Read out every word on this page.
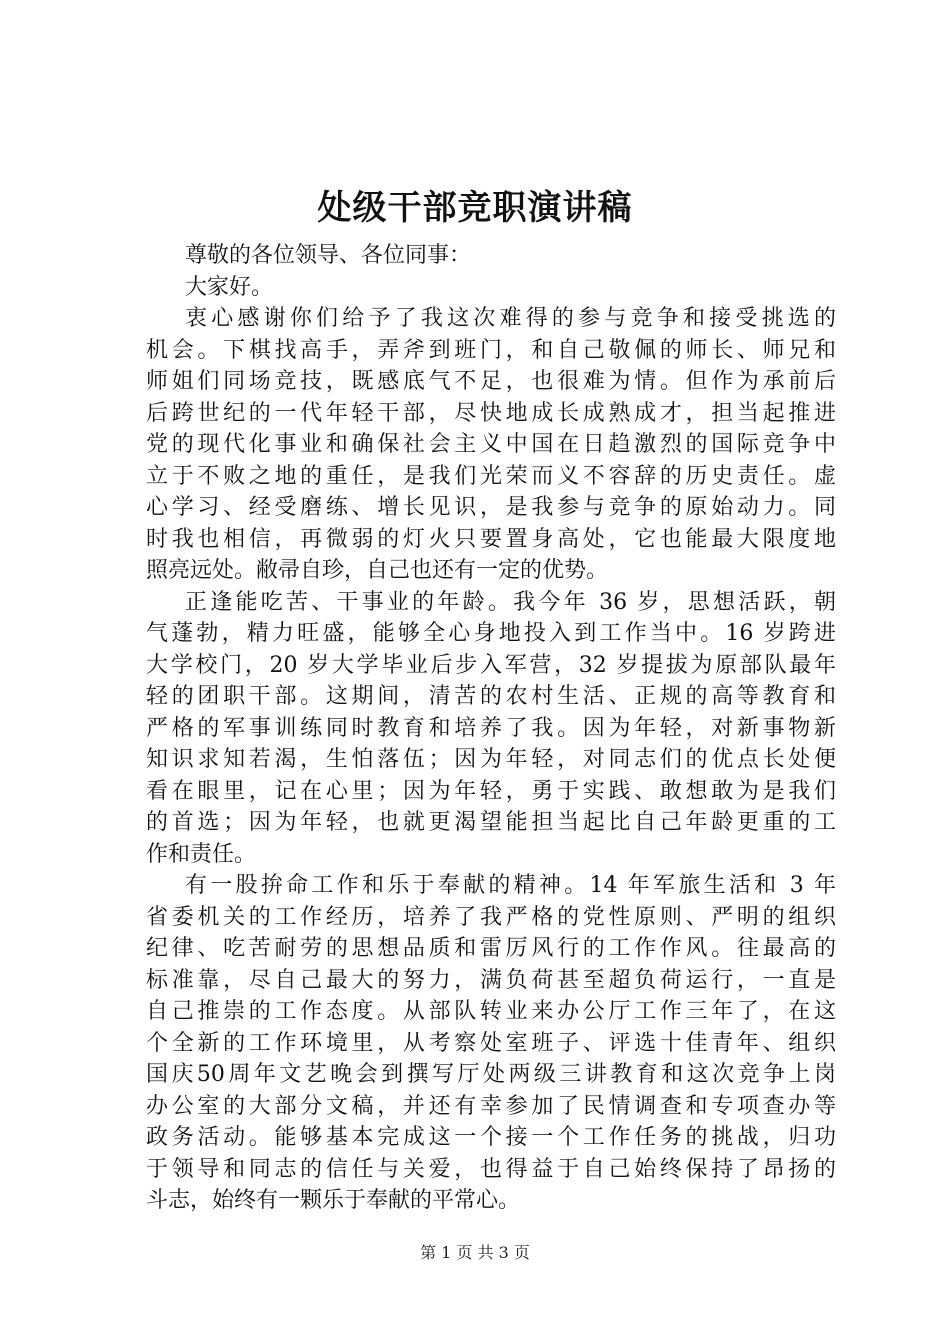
处级干部竞职演讲稿
尊敬的各位领导、各位同事：
大家好。
衷心感谢你们给予了我这次难得的参与竞争和接受挑选的
机会。下棋找高手，弄斧到班门，和自己敬佩的师长、师兄和
师姐们同场竞技，既感底气不足，也很难为情。但作为承前后
后跨世纪的一代年轻干部，尽快地成长成熟成才，担当起推进
党的现代化事业和确保社会主义中国在日趋激烈的国际竞争中
立于不败之地的重任，是我们光荣而义不容辞的历史责任。虚
心学习、经受磨练、增长见识，是我参与竞争的原始动力。同
时我也相信，再微弱的灯火只要置身高处，它也能最大限度地
照亮远处。敝帚自珍，自己也还有一定的优势。
正逢能吃苦、干事业的年龄。我今年 36 岁，思想活跃，朝
气蓬勃，精力旺盛，能够全心身地投入到工作当中。16 岁跨进
大学校门，20 岁大学毕业后步入军营，32 岁提拔为原部队最年
轻的团职干部。这期间，清苦的农村生活、正规的高等教育和
严格的军事训练同时教育和培养了我。因为年轻，对新事物新
知识求知若渴，生怕落伍；因为年轻，对同志们的优点长处便
看在眼里，记在心里；因为年轻，勇于实践、敢想敢为是我们
的首选；因为年轻，也就更渴望能担当起比自己年龄更重的工
作和责任。
有一股拚命工作和乐于奉献的精神。14 年军旅生活和 3 年
省委机关的工作经历，培养了我严格的党性原则、严明的组织
纪律、吃苦耐劳的思想品质和雷厉风行的工作作风。往最高的
标准靠，尽自己最大的努力，满负荷甚至超负荷运行，一直是
自己推崇的工作态度。从部队转业来办公厅工作三年了，在这
个全新的工作环境里，从考察处室班子、评选十佳青年、组织
国庆50周年文艺晚会到撰写厅处两级三讲教育和这次竞争上岗
办公室的大部分文稿，并还有幸参加了民情调查和专项查办等
政务活动。能够基本完成这一个接一个工作任务的挑战，归功
于领导和同志的信任与关爱，也得益于自己始终保持了昂扬的
斗志，始终有一颗乐于奉献的平常心。
第 1 页 共 3 页
